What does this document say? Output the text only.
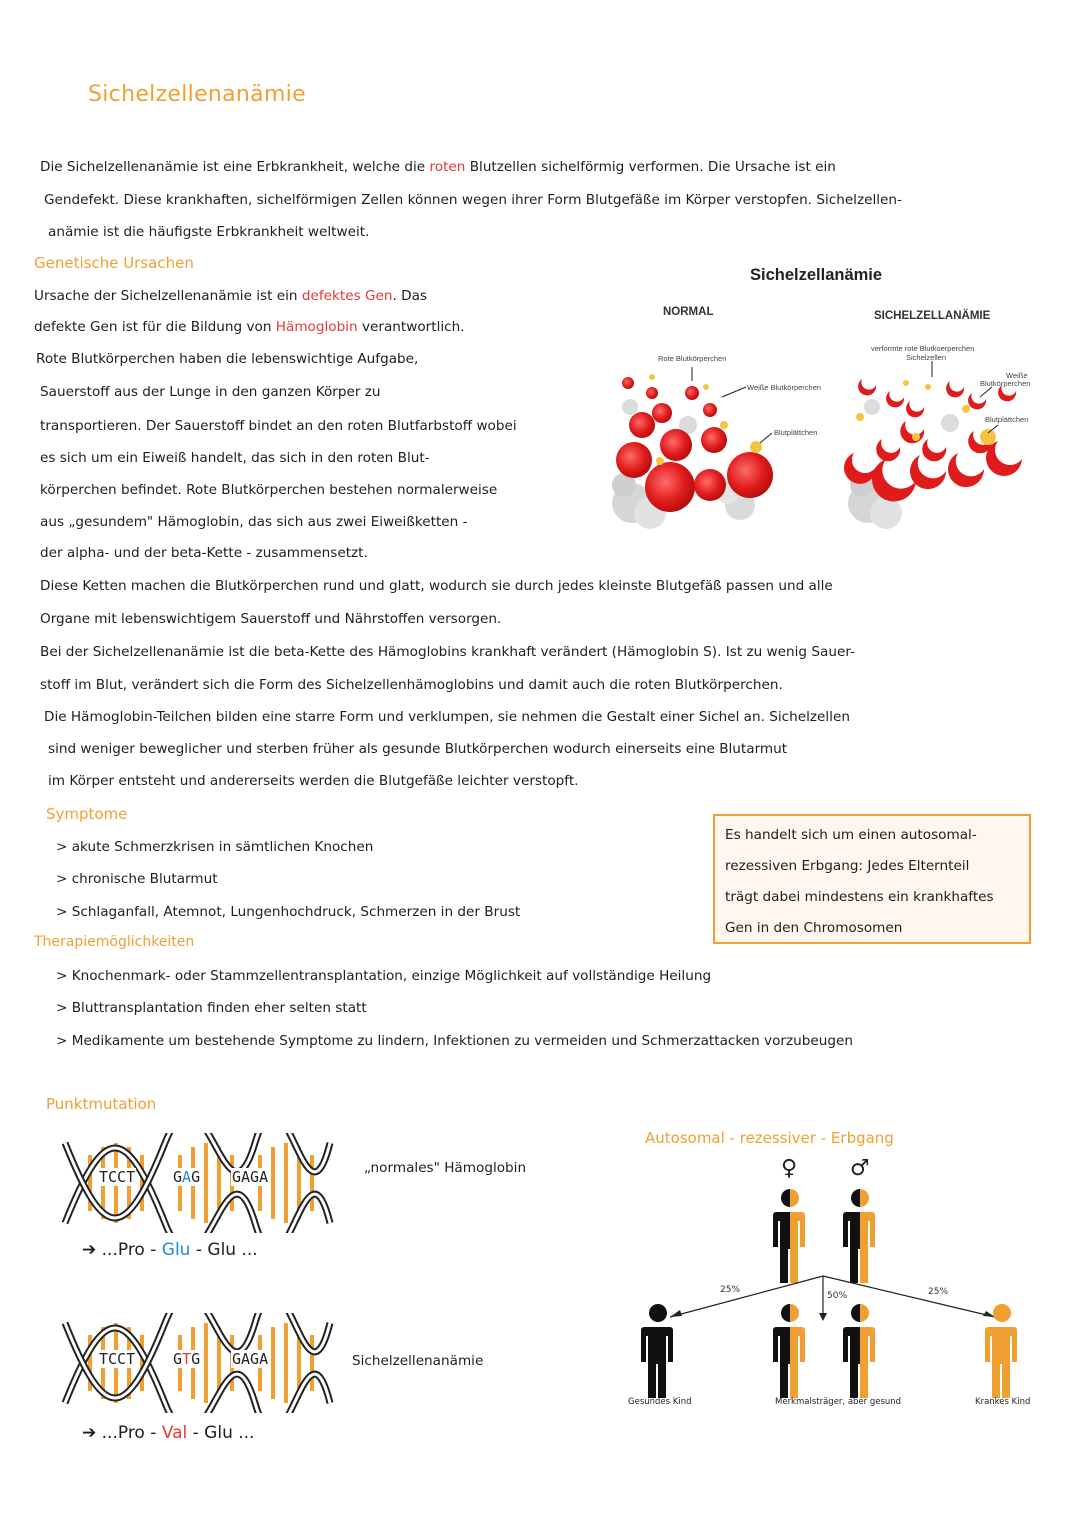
Sichelzellenanämie
Die Sichelzellenanämie ist eine Erbkrankheit, welche die roten Blutzellen sichelförmig verformen. Die Ursache ist ein
Gendefekt. Diese krankhaften, sichelförmigen Zellen können wegen ihrer Form Blutgefäße im Körper verstopfen. Sichelzellen-
anämie ist die häufigste Erbkrankheit weltweit.
Genetische Ursachen
Ursache der Sichelzellenanämie ist ein defektes Gen. Das
defekte Gen ist für die Bildung von Hämoglobin verantwortlich.
Rote Blutkörperchen haben die lebenswichtige Aufgabe,
Sauerstoff aus der Lunge in den ganzen Körper zu
transportieren. Der Sauerstoff bindet an den roten Blutfarbstoff wobei
es sich um ein Eiweiß handelt, das sich in den roten Blut-
körperchen befindet. Rote Blutkörperchen bestehen normalerweise
aus „gesundem" Hämoglobin, das sich aus zwei Eiweißketten -
der alpha- und der beta-Kette - zusammensetzt.
Diese Ketten machen die Blutkörperchen rund und glatt, wodurch sie durch jedes kleinste Blutgefäß passen und alle
Organe mit lebenswichtigem Sauerstoff und Nährstoffen versorgen.
Bei der Sichelzellenanämie ist die beta-Kette des Hämoglobins krankhaft verändert (Hämoglobin S). Ist zu wenig Sauer-
stoff im Blut, verändert sich die Form des Sichelzellenhämoglobins und damit auch die roten Blutkörperchen.
Die Hämoglobin-Teilchen bilden eine starre Form und verklumpen, sie nehmen die Gestalt einer Sichel an. Sichelzellen
sind weniger beweglicher und sterben früher als gesunde Blutkörperchen wodurch einerseits eine Blutarmut
im Körper entsteht und andererseits werden die Blutgefäße leichter verstopft.
Sichelzellanämie
NORMAL	SICHELZELLANÄMIE
Rote Blutkörperchen
Weiße Blutkörperchen
Blutplättchen
verformte rote Blutkoerperchen
Sichelzellen
Weiße
Blutkörperchen
Blutplättchen
Symptome
> akute Schmerzkrisen in sämtlichen Knochen
> chronische Blutarmut
> Schlaganfall, Atemnot, Lungenhochdruck, Schmerzen in der Brust
Es handelt sich um einen autosomal-
rezessiven Erbgang: Jedes Elternteil
trägt dabei mindestens ein krankhaftes
Gen in den Chromosomen
Therapiemöglichkeiten
> Knochenmark- oder Stammzellentransplantation, einzige Möglichkeit auf vollständige Heilung
> Bluttransplantation finden eher selten statt
> Medikamente um bestehende Symptome zu lindern, Infektionen zu vermeiden und Schmerzattacken vorzubeugen
Punktmutation
TCCT	GAG GAGA	„normales" Hämoglobin
➔ ...Pro - Glu - Glu ...
TCCT	GTG GAGA	Sichelzellenanämie
➔ ...Pro - Val - Glu ...
Autosomal - rezessiver - Erbgang
♀ ♂
25%
50%	25%
Gesundes Kind	Merkmalsträger, aber gesund	Krankes Kind
